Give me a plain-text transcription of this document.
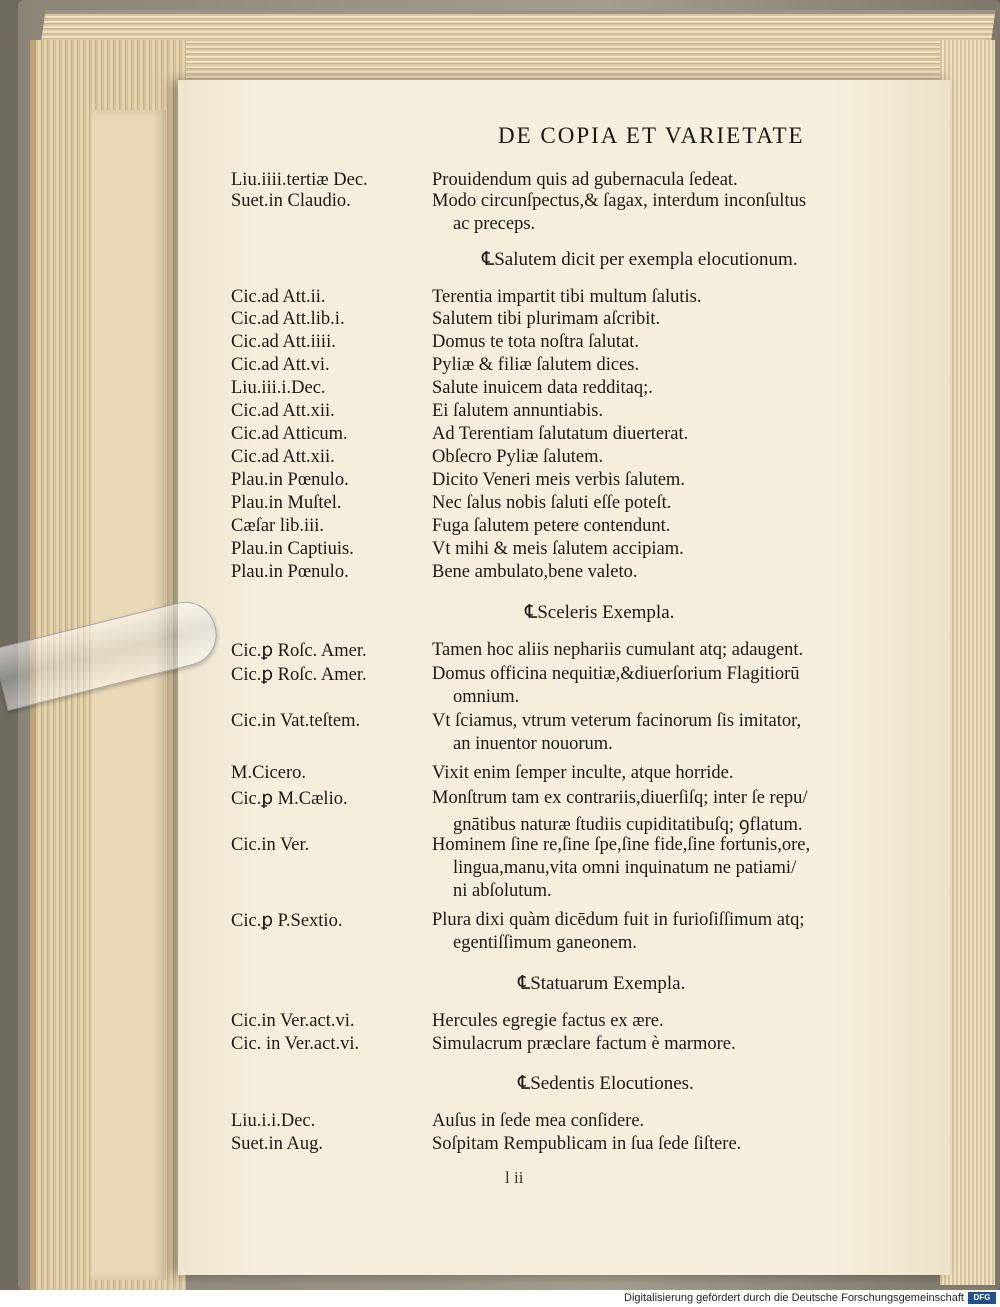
DE COPIA ET VARIETATE
Liu.iiii.tertiæ Dec.	Prouidendum quis ad gubernacula ſedeat.
Suet.in Claudio.	Modo circunſpectus,& ſagax, interdum inconſultus
ac preceps.
℄Salutem dicit per exempla elocutionum.
Cic.ad Att.ii.	Terentia impartit tibi multum ſalutis.
Cic.ad Att.lib.i.	Salutem tibi plurimam aſcribit.
Cic.ad Att.iiii.	Domus te tota noſtra ſalutat.
Cic.ad Att.vi.	Pyliæ & filiæ ſalutem dices.
Liu.iii.i.Dec.	Salute inuicem data redditaq;.
Cic.ad Att.xii.	Ei ſalutem annuntiabis.
Cic.ad Atticum.	Ad Terentiam ſalutatum diuerterat.
Cic.ad Att.xii.	Obſecro Pyliæ ſalutem.
Plau.in Pœnulo.	Dicito Veneri meis verbis ſalutem.
Plau.in Muſtel.	Nec ſalus nobis ſaluti eſſe poteſt.
Cæſar lib.iii.	Fuga ſalutem petere contendunt.
Plau.in Captiuis.	Vt mihi & meis ſalutem accipiam.
Plau.in Pœnulo.	Bene ambulato,bene valeto.
℄Sceleris Exempla.
Cic.ꝑ Roſc. Amer.	Tamen hoc aliis nephariis cumulant atq; adaugent.
Cic.ꝑ Roſc. Amer.	Domus officina nequitiæ,&diuerſorium Flagitiorū
omnium.
Cic.in Vat.teſtem.	Vt ſciamus, vtrum veterum facinorum ſis imitator,
an inuentor nouorum.
M.Cicero.	Vixit enim ſemper inculte, atque horride.
Cic.ꝑ M.Cælio.	Monſtrum tam ex contrariis,diuerſiſq; inter ſe repu/
gnātibus naturæ ſtudiis cupiditatibuſq; ꝯflatum.
Cic.in Ver.	Hominem ſine re,ſine ſpe,ſine fide,ſine fortunis,ore,
lingua,manu,vita omni inquinatum ne patiami/
ni abſolutum.
Cic.ꝑ P.Sextio.	Plura dixi quàm dicēdum fuit in furioſiſſimum atq;
egentiſſimum ganeonem.
℄Statuarum Exempla.
Cic.in Ver.act.vi.	Hercules egregie factus ex ære.
Cic. in Ver.act.vi.	Simulacrum præclare factum è marmore.
℄Sedentis Elocutiones.
Liu.i.i.Dec.	Auſus in ſede mea conſidere.
Suet.in Aug.	Soſpitam Rempublicam in ſua ſede ſiſtere.
l ii
Digitalisierung gefördert durch die Deutsche Forschungsgemeinschaft	DFG
